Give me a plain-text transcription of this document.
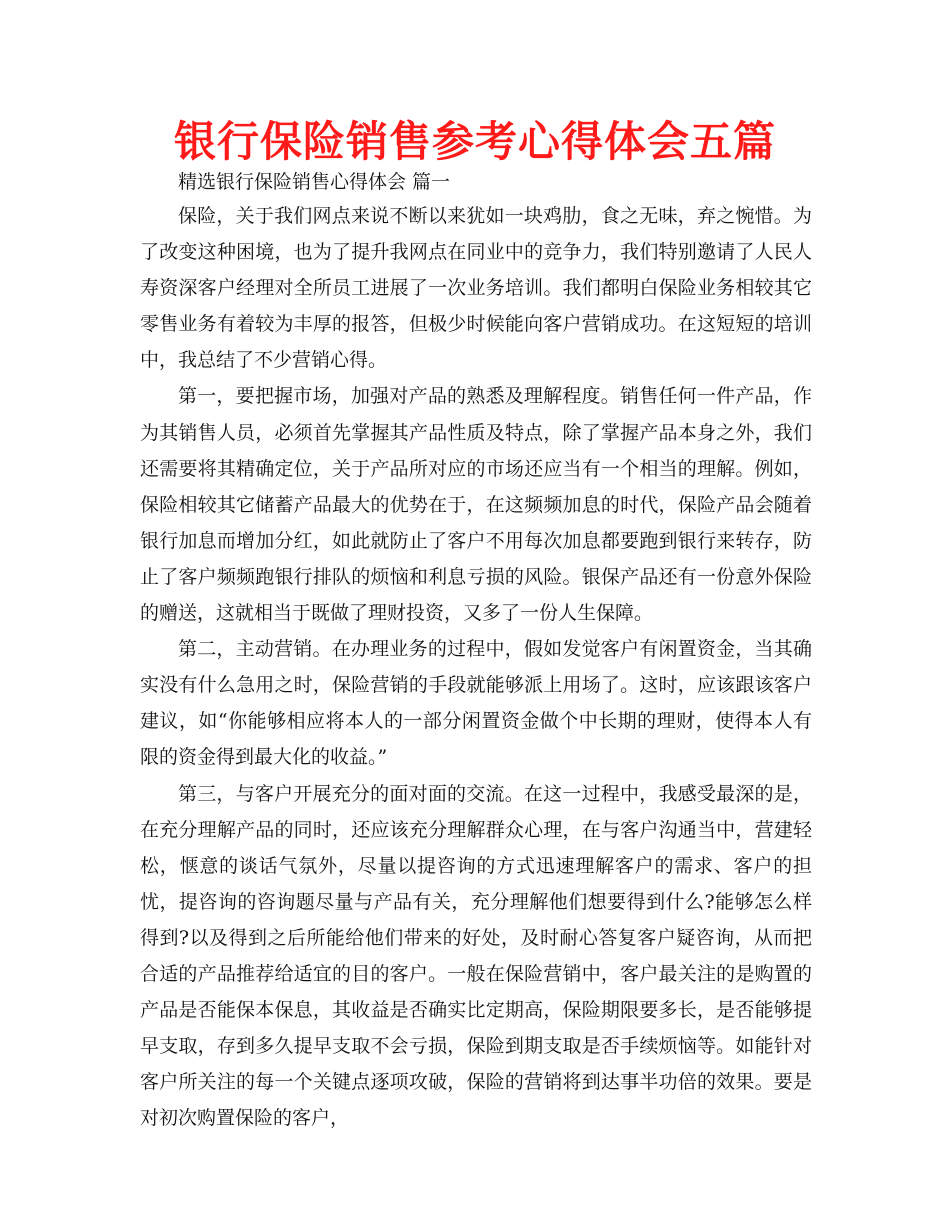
银行保险销售参考心得体会五篇
精选银行保险销售心得体会 篇一

保险，关于我们网点来说不断以来犹如一块鸡肋，食之无味，弃之惋惜。为了改变这种困境，也为了提升我网点在同业中的竞争力，我们特别邀请了人民人寿资深客户经理对全所员工进展了一次业务培训。我们都明白保险业务相较其它零售业务有着较为丰厚的报答，但极少时候能向客户营销成功。在这短短的培训中，我总结了不少营销心得。

第一，要把握市场，加强对产品的熟悉及理解程度。销售任何一件产品，作为其销售人员，必须首先掌握其产品性质及特点，除了掌握产品本身之外，我们还需要将其精确定位，关于产品所对应的市场还应当有一个相当的理解。例如，保险相较其它储蓄产品最大的优势在于，在这频频加息的时代，保险产品会随着银行加息而增加分红，如此就防止了客户不用每次加息都要跑到银行来转存，防止了客户频频跑银行排队的烦恼和利息亏损的风险。银保产品还有一份意外保险的赠送，这就相当于既做了理财投资，又多了一份人生保障。

第二，主动营销。在办理业务的过程中，假如发觉客户有闲置资金，当其确实没有什么急用之时，保险营销的手段就能够派上用场了。这时，应该跟该客户建议，如“你能够相应将本人的一部分闲置资金做个中长期的理财，使得本人有限的资金得到最大化的收益。”

第三，与客户开展充分的面对面的交流。在这一过程中，我感受最深的是，在充分理解产品的同时，还应该充分理解群众心理，在与客户沟通当中，营建轻松，惬意的谈话气氛外，尽量以提咨询的方式迅速理解客户的需求、客户的担忧，提咨询的咨询题尽量与产品有关，充分理解他们想要得到什么?能够怎么样得到?以及得到之后所能给他们带来的好处，及时耐心答复客户疑咨询，从而把合适的产品推荐给适宜的目的客户。一般在保险营销中，客户最关注的是购置的产品是否能保本保息，其收益是否确实比定期高，保险期限要多长，是否能够提早支取，存到多久提早支取不会亏损，保险到期支取是否手续烦恼等。如能针对客户所关注的每一个关键点逐项攻破，保险的营销将到达事半功倍的效果。要是对初次购置保险的客户，
